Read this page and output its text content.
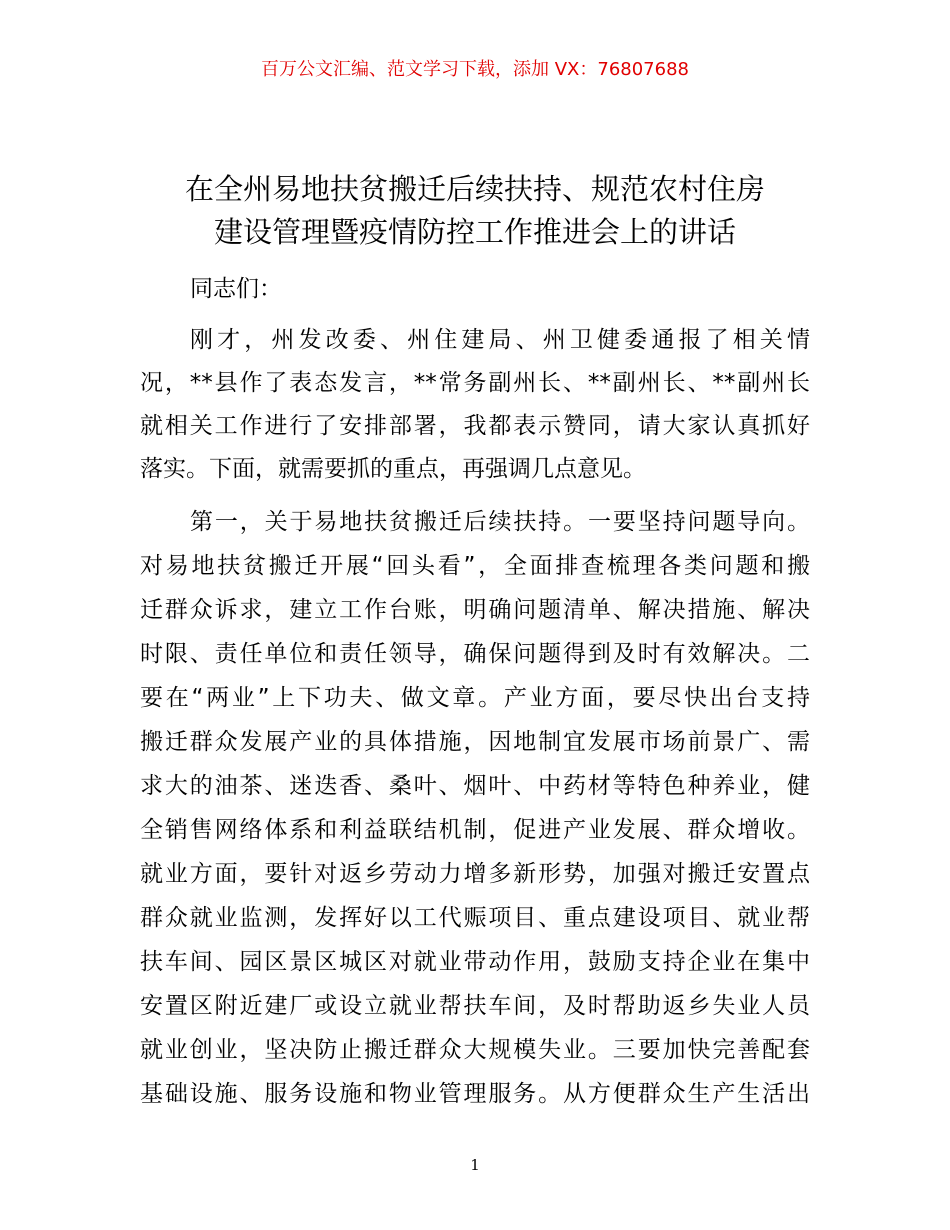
百万公文汇编、范文学习下载，添加 VX：76807688
在全州易地扶贫搬迁后续扶持、规范农村住房
建设管理暨疫情防控工作推进会上的讲话
同志们：
刚才，州发改委、州住建局、州卫健委通报了相关情
况，**县作了表态发言，**常务副州长、**副州长、**副州长
就相关工作进行了安排部署，我都表示赞同，请大家认真抓好
落实。下面，就需要抓的重点，再强调几点意见。
第一，关于易地扶贫搬迁后续扶持。一要坚持问题导向。
对易地扶贫搬迁开展“回头看”，全面排查梳理各类问题和搬
迁群众诉求，建立工作台账，明确问题清单、解决措施、解决
时限、责任单位和责任领导，确保问题得到及时有效解决。二
要在“两业”上下功夫、做文章。产业方面，要尽快出台支持
搬迁群众发展产业的具体措施，因地制宜发展市场前景广、需
求大的油茶、迷迭香、桑叶、烟叶、中药材等特色种养业，健
全销售网络体系和利益联结机制，促进产业发展、群众增收。
就业方面，要针对返乡劳动力增多新形势，加强对搬迁安置点
群众就业监测，发挥好以工代赈项目、重点建设项目、就业帮
扶车间、园区景区城区对就业带动作用，鼓励支持企业在集中
安置区附近建厂或设立就业帮扶车间，及时帮助返乡失业人员
就业创业，坚决防止搬迁群众大规模失业。三要加快完善配套
基础设施、服务设施和物业管理服务。从方便群众生产生活出
1
